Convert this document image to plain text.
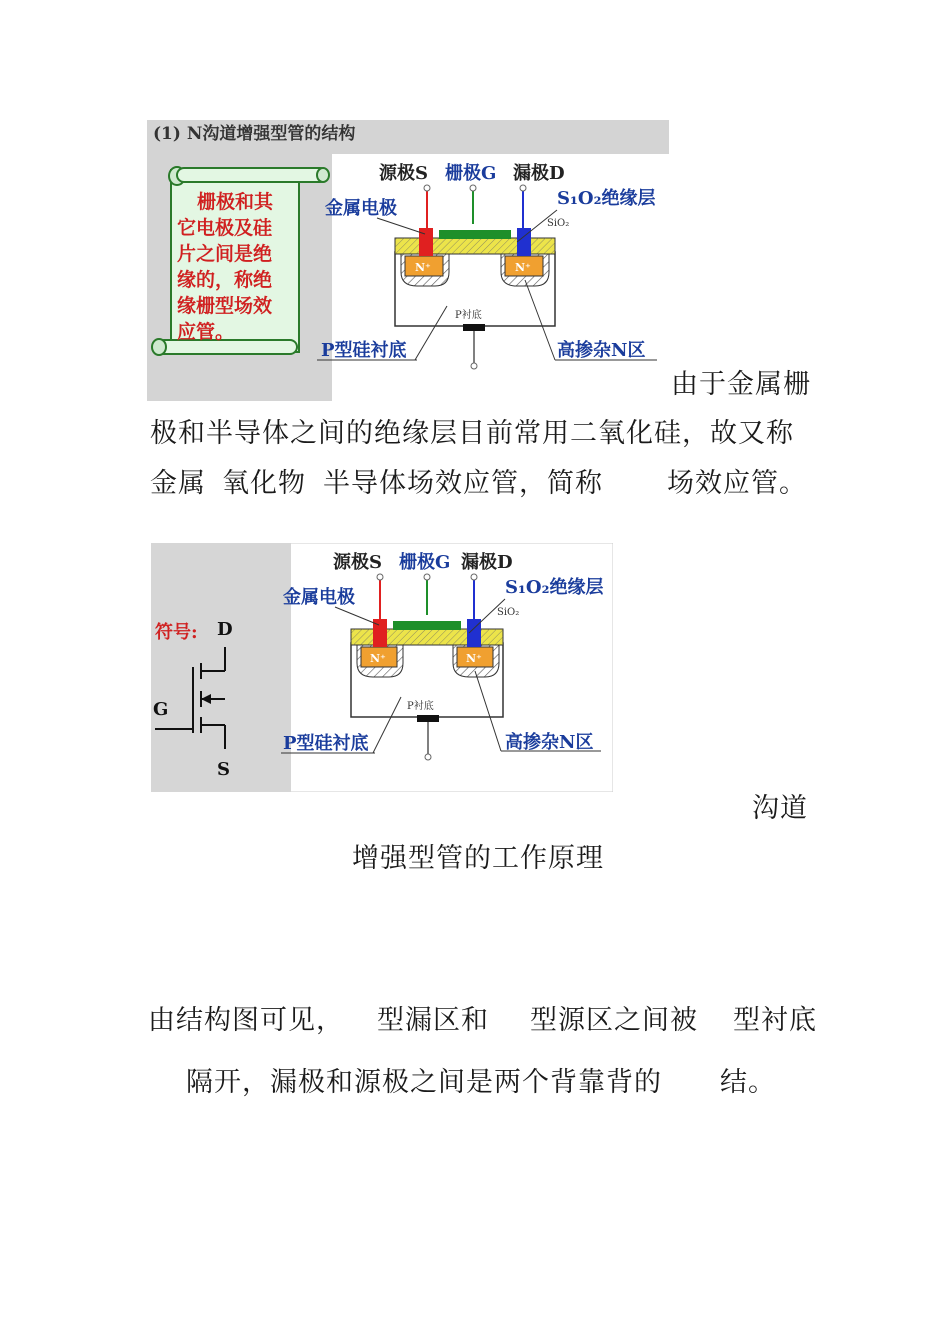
(1) N沟道增强型管的结构
栅极和其
它电极及硅
片之间是绝
缘的，称绝
缘栅型场效
应管。
源极S 栅极G 漏极D
金属电极	S₁O₂绝缘层
SiO₂
N⁺	N⁺
P衬底
P型硅衬底	高掺杂N区
由于金属栅
极和半导体之间的绝缘层目前常用二氧化硅，故又称
金属 氧化物 半导体场效应管，简称 场效应管。
符号: D
G
S
源极S 栅极G 漏极D
金属电极	S₁O₂绝缘层
SiO₂
N⁺	N⁺
P衬底
P型硅衬底	高掺杂N区
沟道
增强型管的工作原理
由结构图可见， 型漏区和 型源区之间被 型衬底
隔开，漏极和源极之间是两个背靠背的 结。
